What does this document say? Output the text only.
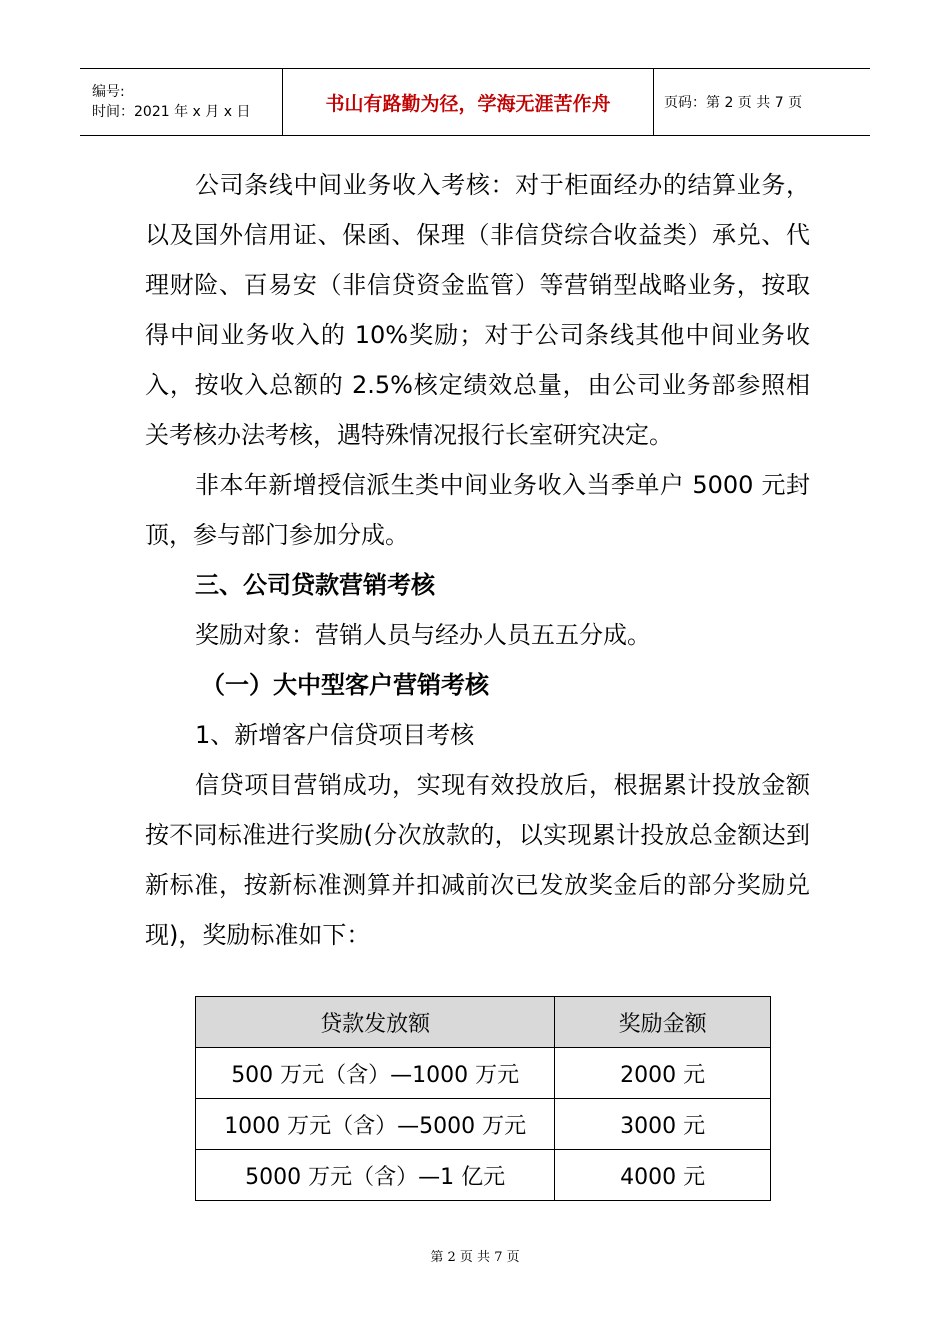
编号:
时间：2021 年 x 月 x 日	书山有路勤为径，学海无涯苦作舟	页码：第 2 页 共 7 页

公司条线中间业务收入考核：对于柜面经办的结算业务，以及国外信用证、保函、保理（非信贷综合收益类）承兑、代理财险、百易安（非信贷资金监管）等营销型战略业务，按取得中间业务收入的 10%奖励；对于公司条线其他中间业务收入，按收入总额的 2.5%核定绩效总量，由公司业务部参照相关考核办法考核，遇特殊情况报行长室研究决定。

非本年新增授信派生类中间业务收入当季单户 5000 元封顶，参与部门参加分成。

三、公司贷款营销考核

奖励对象：营销人员与经办人员五五分成。

（一）大中型客户营销考核

1、新增客户信贷项目考核

信贷项目营销成功，实现有效投放后，根据累计投放金额按不同标准进行奖励(分次放款的，以实现累计投放总金额达到新标准，按新标准测算并扣减前次已发放奖金后的部分奖励兑现)，奖励标准如下：

贷款发放额	奖励金额
500 万元（含）—1000 万元	2000 元
1000 万元（含）—5000 万元	3000 元
5000 万元（含）—1 亿元	4000 元
第 2 页 共 7 页
